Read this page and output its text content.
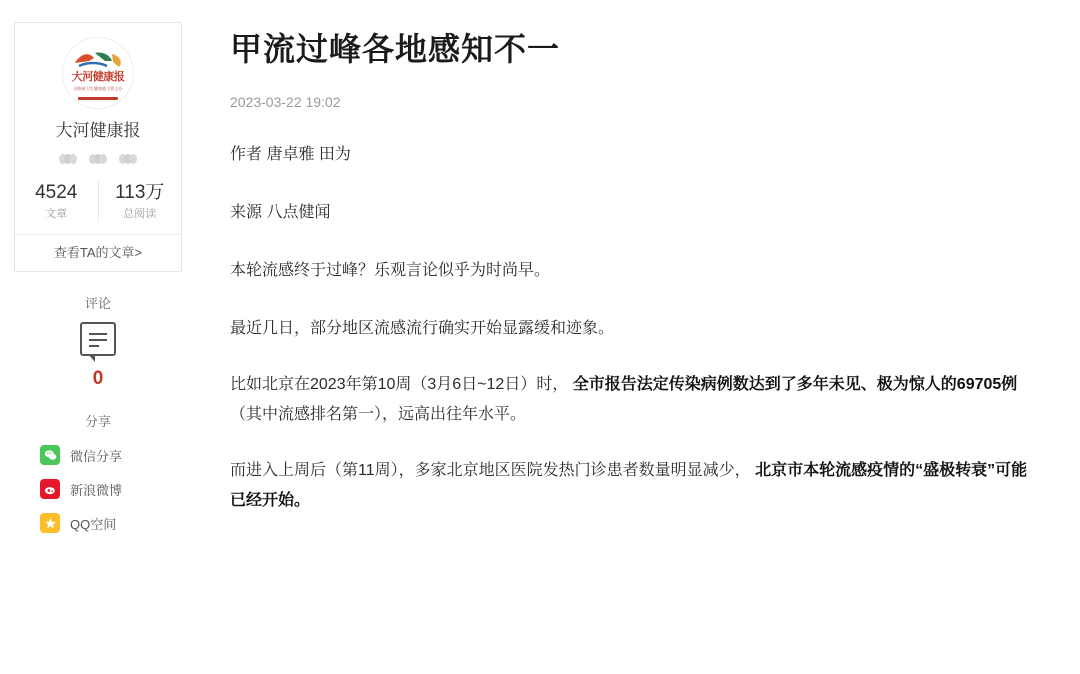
大河健康报
河南省卫生健康委主管主办
大河健康报
4524
文章
113万
总阅读
查看TA的文章>
评论
0
分享
微信分享
新浪微博
QQ空间
甲流过峰各地感知不一
2023-03-22 19:02

作者 唐卓雅 田为

来源 八点健闻

本轮流感终于过峰？乐观言论似乎为时尚早。

最近几日，部分地区流感流行确实开始显露缓和迹象。

比如北京在2023年第10周（3月6日~12日）时， 全市报告法定传染病例数达到了多年未见、极为惊人的69705例 （其中流感排名第一），远高出往年水平。

而进入上周后（第11周），多家北京地区医院发热门诊患者数量明显减少， 北京市本轮流感疫情的“盛极转衰”可能已经开始。
